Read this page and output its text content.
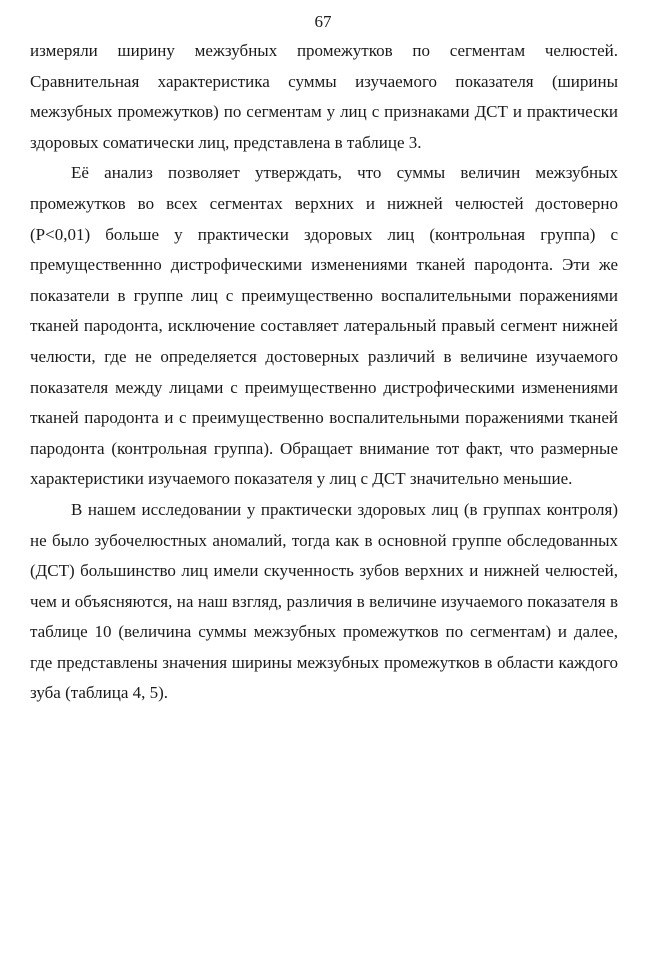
67

измеряли ширину межзубных промежутков по сегментам челюстей. Сравнительная характеристика суммы изучаемого показателя (ширины межзубных промежутков) по сегментам у лиц с признаками ДСТ и практически здоровых соматически лиц, представлена в таблице 3.

Её анализ позволяет утверждать, что суммы величин межзубных промежутков во всех сегментах верхних и нижней челюстей достоверно (Р<0,01) больше у практически здоровых лиц (контрольная группа) с премущественнно дистрофическими изменениями тканей пародонта. Эти же показатели в группе лиц с преимущественно воспалительными поражениями тканей пародонта, исключение составляет латеральный правый сегмент нижней челюсти, где не определяется достоверных различий в величине изучаемого показателя между лицами с преимущественно дистрофическими изменениями тканей пародонта и с преимущественно воспалительными поражениями тканей пародонта (контрольная группа). Обращает внимание тот факт, что размерные характеристики изучаемого показателя у лиц с ДСТ значительно меньшие.

В нашем исследовании у практически здоровых лиц (в группах контроля) не было зубочелюстных аномалий, тогда как в основной группе обследованных (ДСТ) большинство лиц имели скученность зубов верхних и нижней челюстей, чем и объясняются, на наш взгляд, различия в величине изучаемого показателя в таблице 10 (величина суммы межзубных промежутков по сегментам) и далее, где представлены значения ширины межзубных промежутков в области каждого зуба (таблица 4, 5).
